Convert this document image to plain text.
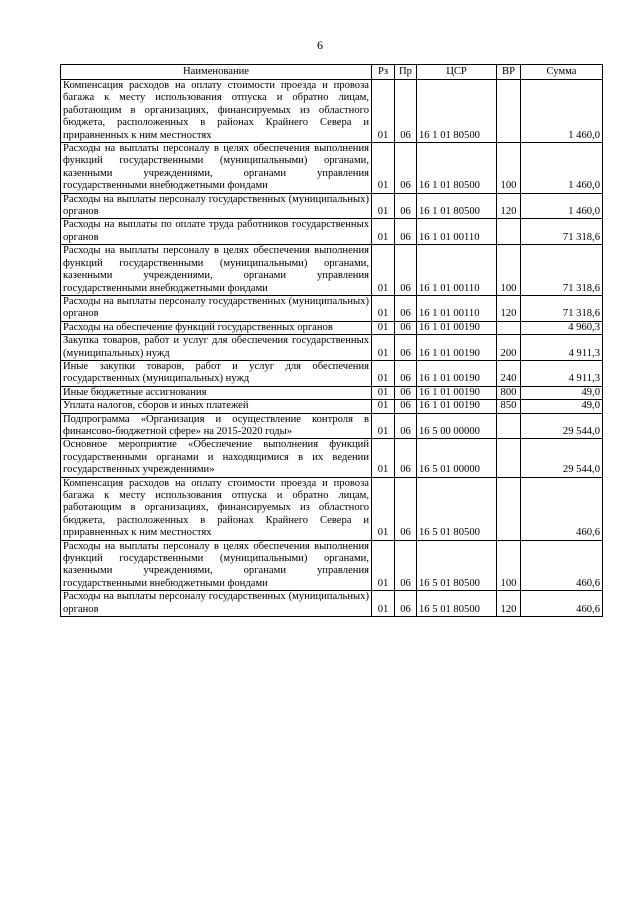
6
Наименование	Рз	Пр	ЦСР	ВР	Сумма
Компенсация расходов на оплату стоимости проезда и провоза багажа к месту использования отпуска и обратно лицам, работающим в организациях, финансируемых из областного бюджета, расположенных в районах Крайнего Севера и приравненных к ним местностях	01	06	16 1 01 80500		1 460,0
Расходы на выплаты персоналу в целях обеспечения выполнения функций государственными (муниципальными) органами, казенными учреждениями, органами управления государственными внебюджетными фондами	01	06	16 1 01 80500	100	1 460,0
Расходы на выплаты персоналу государственных (муниципальных) органов	01	06	16 1 01 80500	120	1 460,0
Расходы на выплаты по оплате труда работников государственных органов	01	06	16 1 01 00110		71 318,6
Расходы на выплаты персоналу в целях обеспечения выполнения функций государственными (муниципальными) органами, казенными учреждениями, органами управления государственными внебюджетными фондами	01	06	16 1 01 00110	100	71 318,6
Расходы на выплаты персоналу государственных (муниципальных) органов	01	06	16 1 01 00110	120	71 318,6
Расходы на обеспечение функций государственных органов	01	06	16 1 01 00190		4 960,3
Закупка товаров, работ и услуг для обеспечения государственных (муниципальных) нужд	01	06	16 1 01 00190	200	4 911,3
Иные закупки товаров, работ и услуг для обеспечения государственных (муниципальных) нужд	01	06	16 1 01 00190	240	4 911,3
Иные бюджетные ассигнования	01	06	16 1 01 00190	800	49,0
Уплата налогов, сборов и иных платежей	01	06	16 1 01 00190	850	49,0
Подпрограмма «Организация и осуществление контроля в финансово-бюджетной сфере» на 2015-2020 годы»	01	06	16 5 00 00000		29 544,0
Основное мероприятие «Обеспечение выполнения функций государственными органами и находящимися в их ведении государственных учреждениями»	01	06	16 5 01 00000		29 544,0
Компенсация расходов на оплату стоимости проезда и провоза багажа к месту использования отпуска и обратно лицам, работающим в организациях, финансируемых из областного бюджета, расположенных в районах Крайнего Севера и приравненных к ним местностях	01	06	16 5 01 80500		460,6
Расходы на выплаты персоналу в целях обеспечения выполнения функций государственными (муниципальными) органами, казенными учреждениями, органами управления государственными внебюджетными фондами	01	06	16 5 01 80500	100	460,6
Расходы на выплаты персоналу государственных (муниципальных) органов	01	06	16 5 01 80500	120	460,6
